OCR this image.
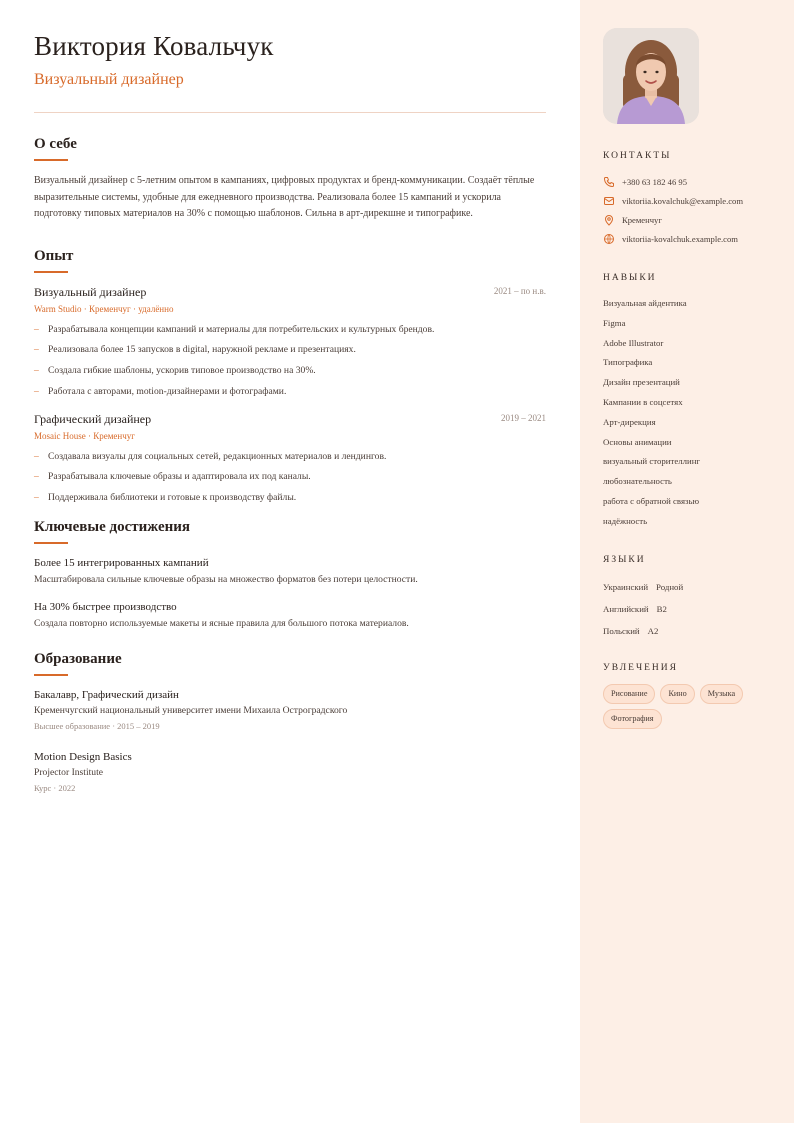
Виктория Ковальчук
Визуальный дизайнер
О себе
Визуальный дизайнер с 5-летним опытом в кампаниях, цифровых продуктах и бренд-коммуникации. Создаёт тёплые выразительные системы, удобные для ежедневного производства. Реализовала более 15 кампаний и ускорила подготовку типовых материалов на 30% с помощью шаблонов. Сильна в арт-дирекшне и типографике.
Опыт
Визуальный дизайнер	2021 – по н.в.
Warm Studio · Кременчуг · удалённо
– Разрабатывала концепции кампаний и материалы для потребительских и культурных брендов.
– Реализовала более 15 запусков в digital, наружной рекламе и презентациях.
– Создала гибкие шаблоны, ускорив типовое производство на 30%.
– Работала с авторами, motion-дизайнерами и фотографами.
Графический дизайнер	2019 – 2021
Mosaic House · Кременчуг
– Создавала визуалы для социальных сетей, редакционных материалов и лендингов.
– Разрабатывала ключевые образы и адаптировала их под каналы.
– Поддерживала библиотеки и готовые к производству файлы.
Ключевые достижения
Более 15 интегрированных кампаний
Масштабировала сильные ключевые образы на множество форматов без потери целостности.
На 30% быстрее производство
Создала повторно используемые макеты и ясные правила для большого потока материалов.
Образование
Бакалавр, Графический дизайн
Кременчугский национальный университет имени Михаила Остроградского
Высшее образование · 2015 – 2019
Motion Design Basics
Projector Institute
Курс · 2022
КОНТАКТЫ
+380 63 182 46 95
viktoriia.kovalchuk@example.com
Кременчуг
viktoriia-kovalchuk.example.com
НАВЫКИ
Визуальная айдентика
Figma
Adobe Illustrator
Типографика
Дизайн презентаций
Кампании в соцсетях
Арт-дирекция
Основы анимации
визуальный сторителлинг
любознательность
работа с обратной связью
надёжность
ЯЗЫКИ
Украинский Родной
Английский B2
Польский A2
УВЛЕЧЕНИЯ
Рисование	Кино	Музыка
Фотография
